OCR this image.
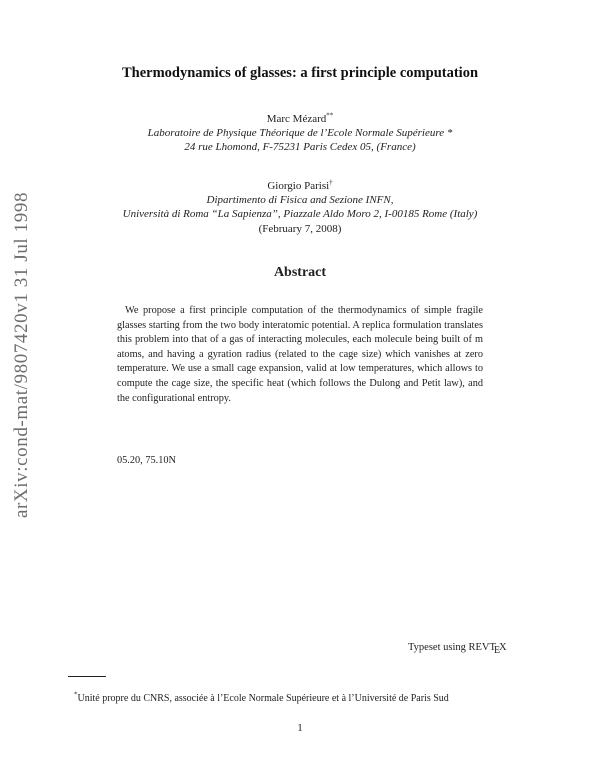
arXiv:cond-mat/9807420v1 31 Jul 1998
Thermodynamics of glasses: a first principle computation

Marc Mézard**

Laboratoire de Physique Théorique de l’Ecole Normale Supérieure *

24 rue Lhomond, F-75231 Paris Cedex 05, (France)

Giorgio Parisi†

Dipartimento di Fisica and Sezione INFN,

Università di Roma “La Sapienza”, Piazzale Aldo Moro 2, I-00185 Rome (Italy)

(February 7, 2008)

Abstract

We propose a first principle computation of the thermodynamics of simple fragile glasses starting from the two body interatomic potential. A replica formulation translates this problem into that of a gas of interacting molecules, each molecule being built of m atoms, and having a gyration radius (related to the cage size) which vanishes at zero temperature. We use a small cage expansion, valid at low temperatures, which allows to compute the cage size, the specific heat (which follows the Dulong and Petit law), and the configurational entropy.

05.20, 75.10N

Typeset using REVTEX

*Unité propre du CNRS, associée à l’Ecole Normale Supérieure et à l’Université de Paris Sud

1
